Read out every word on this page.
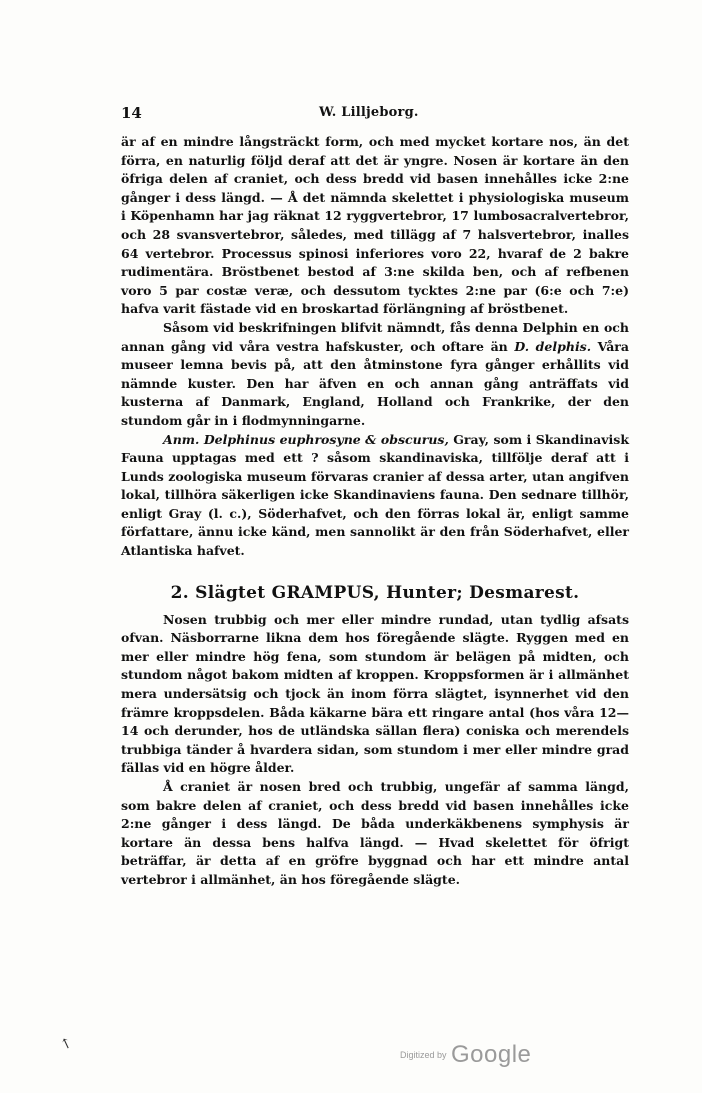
14	W. Lilljeborg.

är af en mindre långsträckt form, och med mycket kortare nos, än det förra, en naturlig följd deraf att det är yngre. Nosen är kortare än den öfriga delen af craniet, och dess bredd vid basen innehålles icke 2:ne gånger i dess längd. — Å det nämnda skelettet i physiologiska museum i Köpenhamn har jag räknat 12 ryggvertebror, 17 lumbosacralvertebror, och 28 svansvertebror, således, med tillägg af 7 halsvertebror, inalles 64 vertebror. Processus spinosi inferiores voro 22, hvaraf de 2 bakre rudimentära. Bröstbenet bestod af 3:ne skilda ben, och af refbenen voro 5 par costæ veræ, och dessutom tycktes 2:ne par (6:e och 7:e) hafva varit fästade vid en broskartad förlängning af bröstbenet.

Såsom vid beskrifningen blifvit nämndt, fås denna Delphin en och annan gång vid våra vestra hafskuster, och oftare än D. delphis. Våra museer lemna bevis på, att den åtminstone fyra gånger erhållits vid nämnde kuster. Den har äfven en och annan gång anträffats vid kusterna af Danmark, England, Holland och Frankrike, der den stundom går in i flodmynningarne.

Anm. Delphinus euphrosyne & obscurus, Gray, som i Skandinavisk Fauna upptagas med ett ? såsom skandinaviska, tillfölje deraf att i Lunds zoologiska museum förvaras cranier af dessa arter, utan angifven lokal, tillhöra säkerligen icke Skandinaviens fauna. Den sednare tillhör, enligt Gray (l. c.), Söderhafvet, och den förras lokal är, enligt samme författare, ännu icke känd, men sannolikt är den från Söderhafvet, eller Atlantiska hafvet.

2. Slägtet GRAMPUS, Hunter; Desmarest.

Nosen trubbig och mer eller mindre rundad, utan tydlig afsats ofvan. Näsborrarne likna dem hos föregående slägte. Ryggen med en mer eller mindre hög fena, som stundom är belägen på midten, och stundom något bakom midten af kroppen. Kroppsformen är i allmänhet mera undersätsig och tjock än inom förra slägtet, isynnerhet vid den främre kroppsdelen. Båda käkarne bära ett ringare antal (hos våra 12—14 och derunder, hos de utländska sällan flera) coniska och merendels trubbiga tänder å hvardera sidan, som stundom i mer eller mindre grad fällas vid en högre ålder.

Å craniet är nosen bred och trubbig, ungefär af samma längd, som bakre delen af craniet, och dess bredd vid basen innehålles icke 2:ne gånger i dess längd. De båda underkäkbenens symphysis är kortare än dessa bens halfva längd. — Hvad skelettet för öfrigt beträffar, är detta af en gröfre byggnad och har ett mindre antal vertebror i allmänhet, än hos föregående slägte.

↖
Digitized by Google
